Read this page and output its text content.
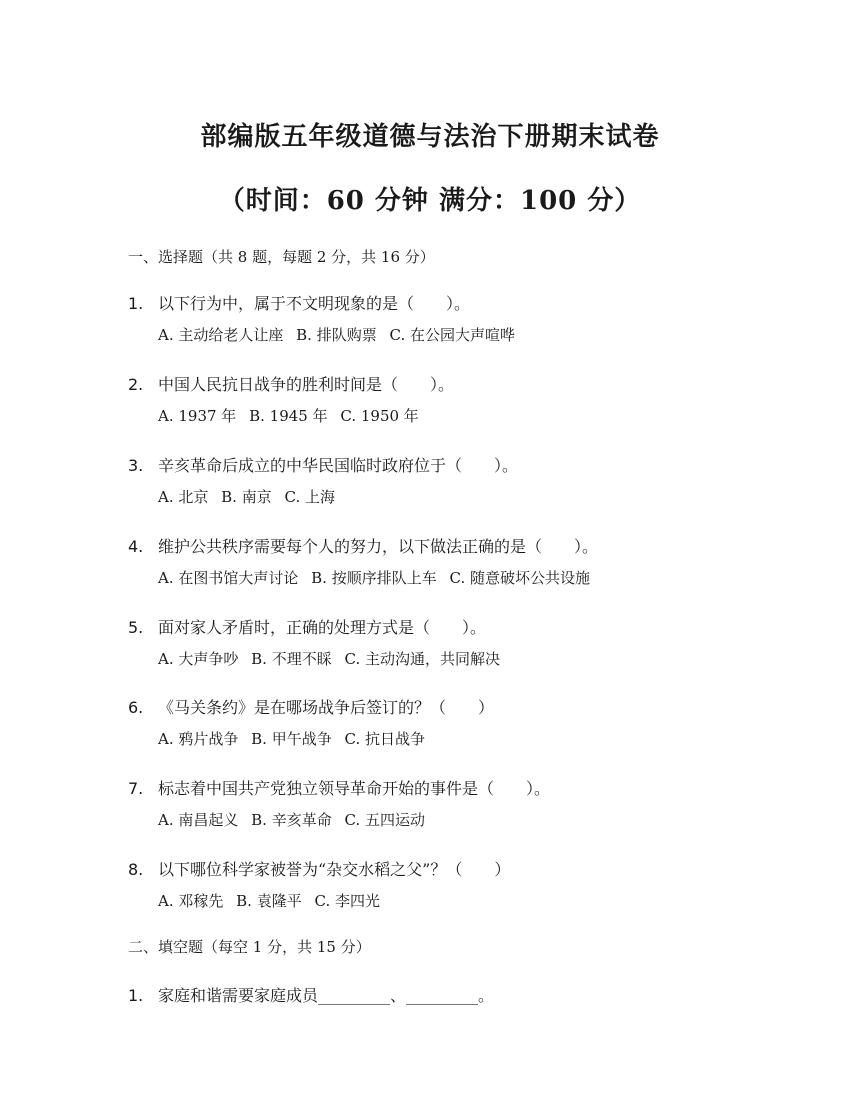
部编版五年级道德与法治下册期末试卷
（时间：60 分钟 满分：100 分）
一、选择题（共 8 题，每题 2 分，共 16 分）
1. 以下行为中，属于不文明现象的是（　　）。
A. 主动给老人让座 B. 排队购票 C. 在公园大声喧哗
2. 中国人民抗日战争的胜利时间是（　　）。
A. 1937 年 B. 1945 年 C. 1950 年
3. 辛亥革命后成立的中华民国临时政府位于（　　）。
A. 北京 B. 南京 C. 上海
4. 维护公共秩序需要每个人的努力，以下做法正确的是（　　）。
A. 在图书馆大声讨论 B. 按顺序排队上车 C. 随意破坏公共设施
5. 面对家人矛盾时，正确的处理方式是（　　）。
A. 大声争吵 B. 不理不睬 C. 主动沟通，共同解决
6. 《马关条约》是在哪场战争后签订的？（　　）
A. 鸦片战争 B. 甲午战争 C. 抗日战争
7. 标志着中国共产党独立领导革命开始的事件是（　　）。
A. 南昌起义 B. 辛亥革命 C. 五四运动
8. 以下哪位科学家被誉为“杂交水稻之父”？（　　）
A. 邓稼先 B. 袁隆平 C. 李四光
二、填空题（每空 1 分，共 15 分）
1. 家庭和谐需要家庭成员_________、_________。
